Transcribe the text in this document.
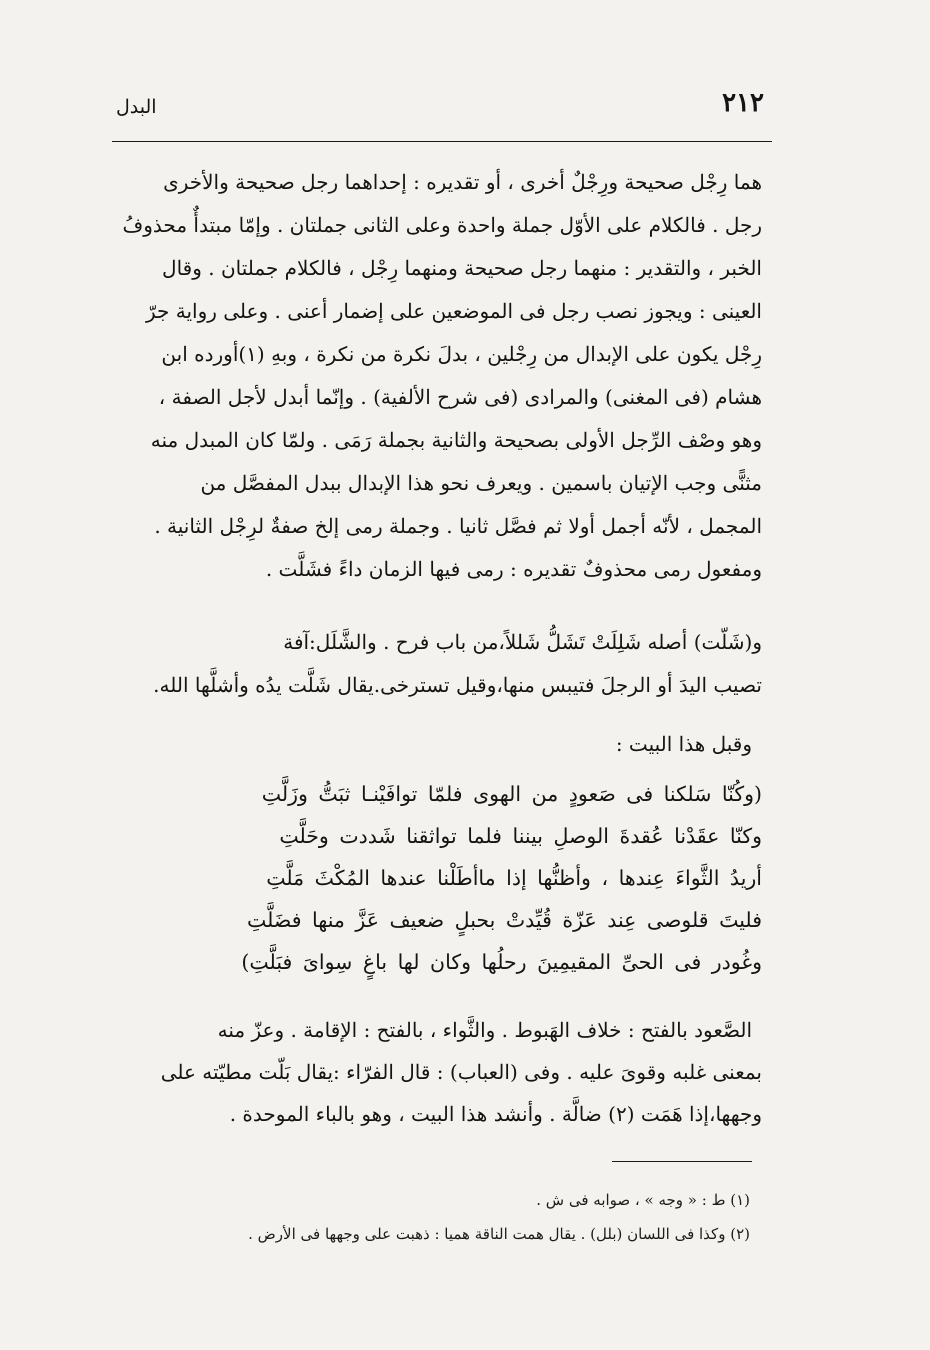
٢١٢
البدل
هما رِجْل صحيحة ورِجْلٌ أخرى ، أو تقديره : إحداهما رجل صحيحة والأخرى
رجل . فالكلام على الأوّل جملة واحدة وعلى الثانى جملتان . وإمّا مبتدأٌ محذوفُ
الخبر ، والتقدير : منهما رجل صحيحة ومنهما رِجْل ، فالكلام جملتان . وقال
العينى : ويجوز نصب رجل فى الموضعين على إضمار أعنى . وعلى رواية جرّ
رِجْل يكون على الإبدال من رِجْلين ، بدلَ نكرة من نكرة ، وبهِ (١)أورده ابن
هشام (فى المغنى) والمرادى (فى شرح الألفية) . وإنّما أبدل لأجل الصفة ،
وهو وصْف الرِّجل الأولى بصحيحة والثانية بجملة رَمَى . ولمّا كان المبدل منه
مثنًّى وجب الإتيان باسمين . ويعرف نحو هذا الإبدال ببدل المفصَّل من
المجمل ، لأنّه أجمل أولا ثم فصَّل ثانيا . وجملة رمى إلخ صفةٌ لرِجْل الثانية .
ومفعول رمى محذوفٌ تقديره : رمى فيها الزمان داءً فشَلَّت .
و(شَلّت) أصله شَلِلَتْ تَشَلُّ شَللاً،من باب فرح . والشَّلَل:آفة
تصيب اليدَ أو الرجلَ فتيبس منها،وقيل تسترخى.يقال شَلَّت يدُه وأشلَّها الله.
وقبل هذا البيت :
(وكُنّا سَلكنا فى صَعودٍ من الهوى فلمّا توافَيْنـا ثبَتُّ وزَلَّتِ
وكنّا عقَدْنا عُقدةَ الوصلِ بيننا فلما تواثقنا شَددت وحَلَّتِ
أريدُ الثَّواءَ عِندها ، وأظنُّها إذا ماأطَلْنا عندها المُكْثَ مَلَّتِ
فليتَ قلوصى عِند عَزّة قُيِّدتْ بحبلٍ ضعيف عَزَّ منها فضَلَّتِ
وغُودر فى الحىِّ المقيمِينَ رحلُها وكان لها باغٍ سِوایَ فبَلَّتِ)
الصَّعود بالفتح : خلاف الهَبوط . والثَّواء ، بالفتح : الإقامة . وعزّ منه
بمعنى غلبه وقوىَ عليه . وفى (العباب) : قال الفرّاء :يقال بَلّت مطيّته على
وجهها،إذا هَمَت (٢) ضالَّة . وأنشد هذا البيت ، وهو بالباء الموحدة .
(١) ط : « وجه » ، صوابه فى ش .
(٢) وكذا فى اللسان (بلل) . يقال همت الناقة هميا : ذهبت على وجهها فى الأرض .
